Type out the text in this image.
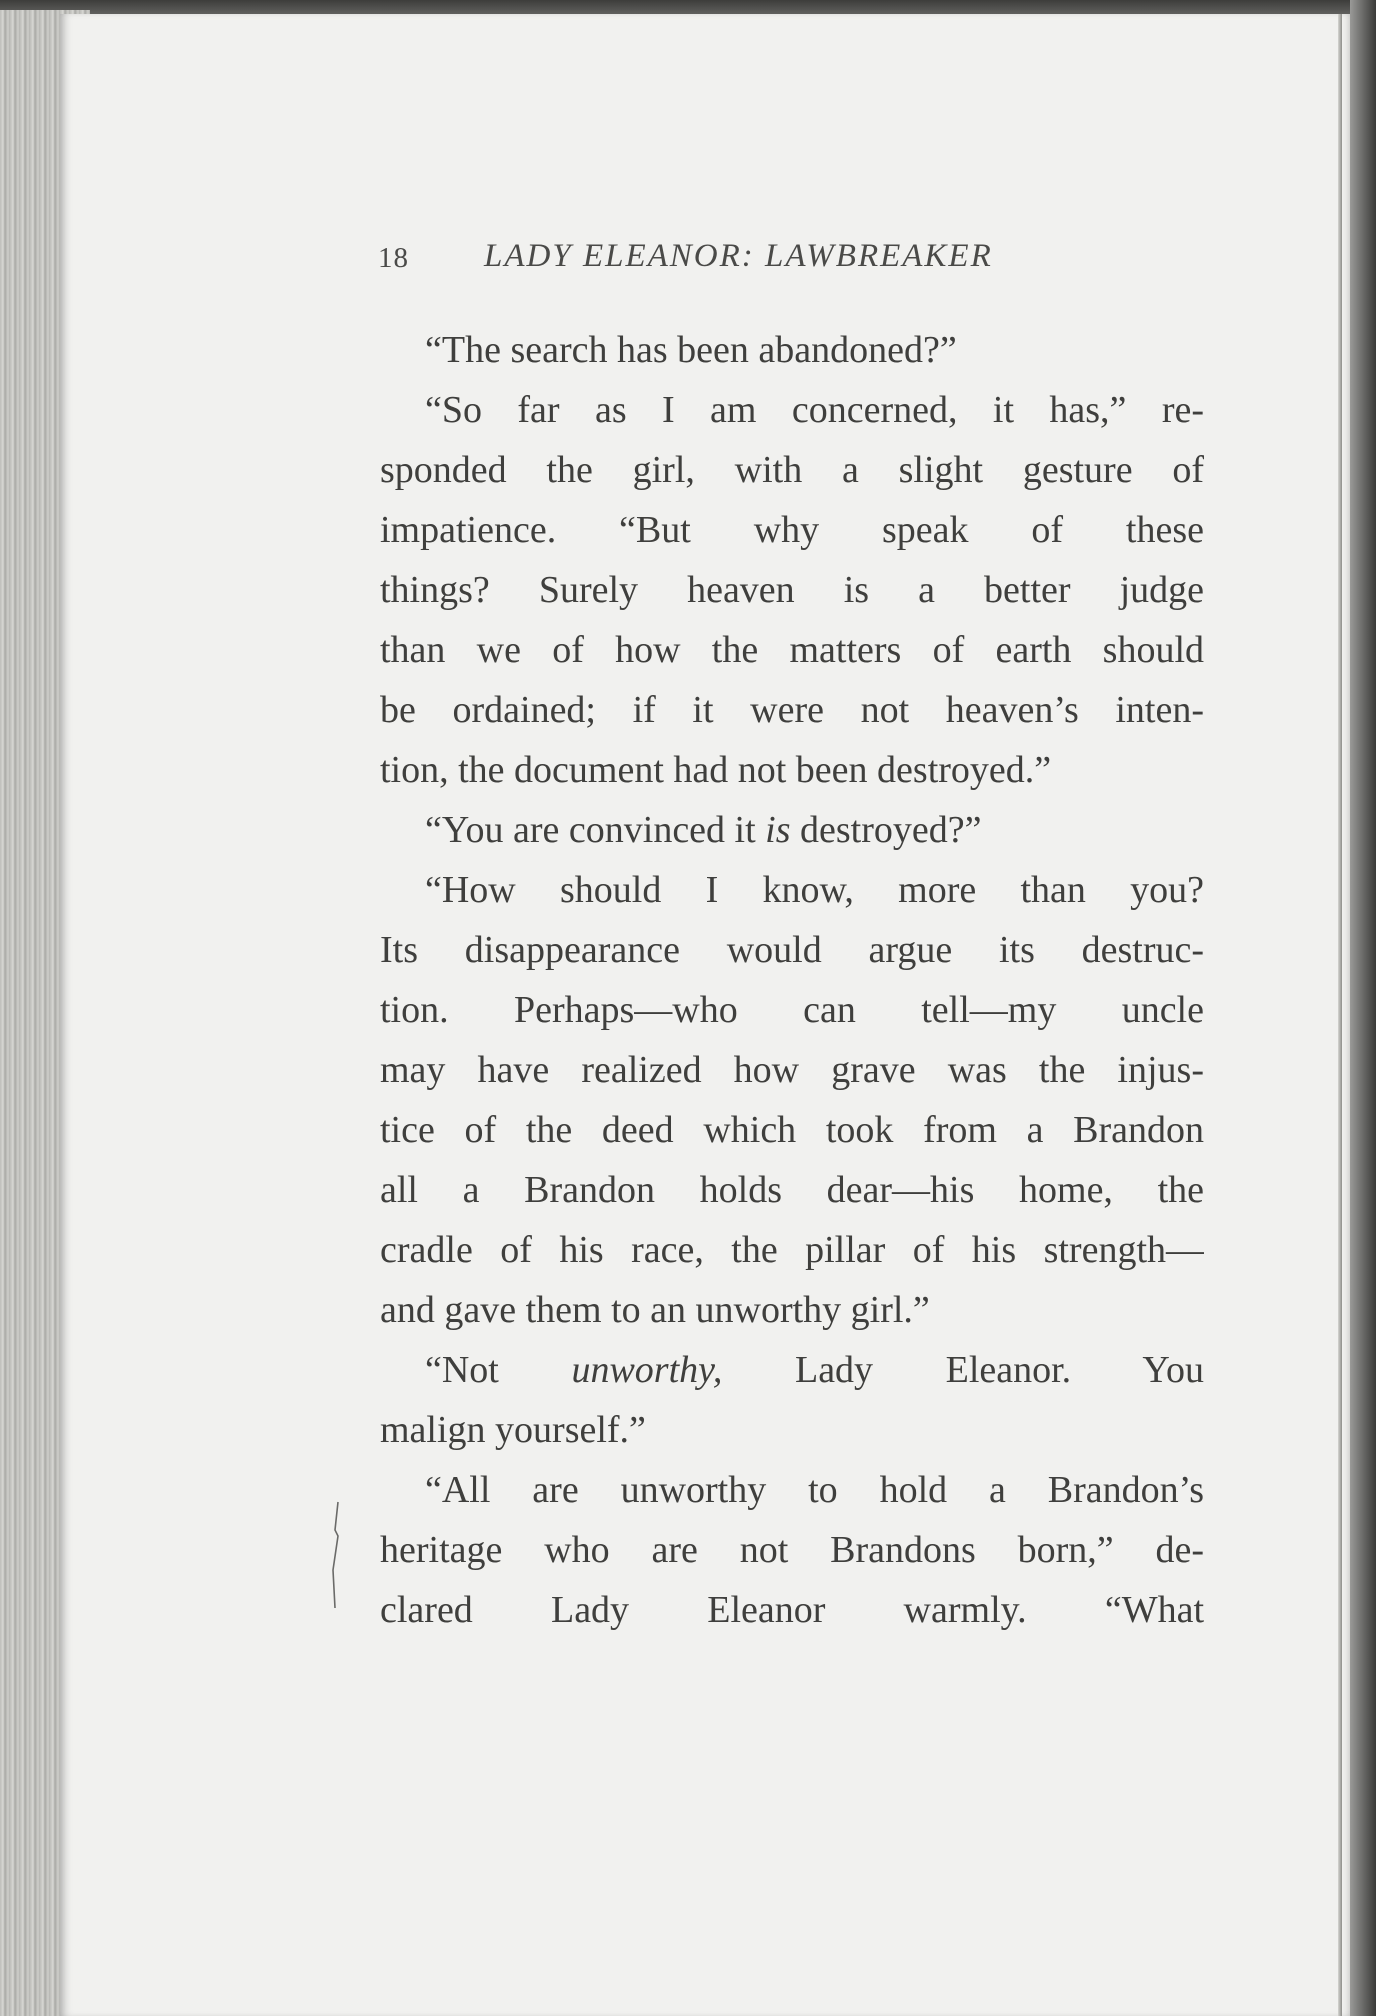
18 LADY ELEANOR: LAWBREAKER
“The search has been abandoned?”
“So far as I am concerned, it has,” re-
sponded the girl, with a slight gesture of
impatience. “But why speak of these
things? Surely heaven is a better judge
than we of how the matters of earth should
be ordained; if it were not heaven’s inten-
tion, the document had not been destroyed.”
“You are convinced it is destroyed?”
“How should I know, more than you?
Its disappearance would argue its destruc-
tion. Perhaps—who can tell—my uncle
may have realized how grave was the injus-
tice of the deed which took from a Brandon
all a Brandon holds dear—his home, the
cradle of his race, the pillar of his strength—
and gave them to an unworthy girl.”
“Not unworthy, Lady Eleanor. You
malign yourself.”
“All are unworthy to hold a Brandon’s
heritage who are not Brandons born,” de-
clared Lady Eleanor warmly. “What
